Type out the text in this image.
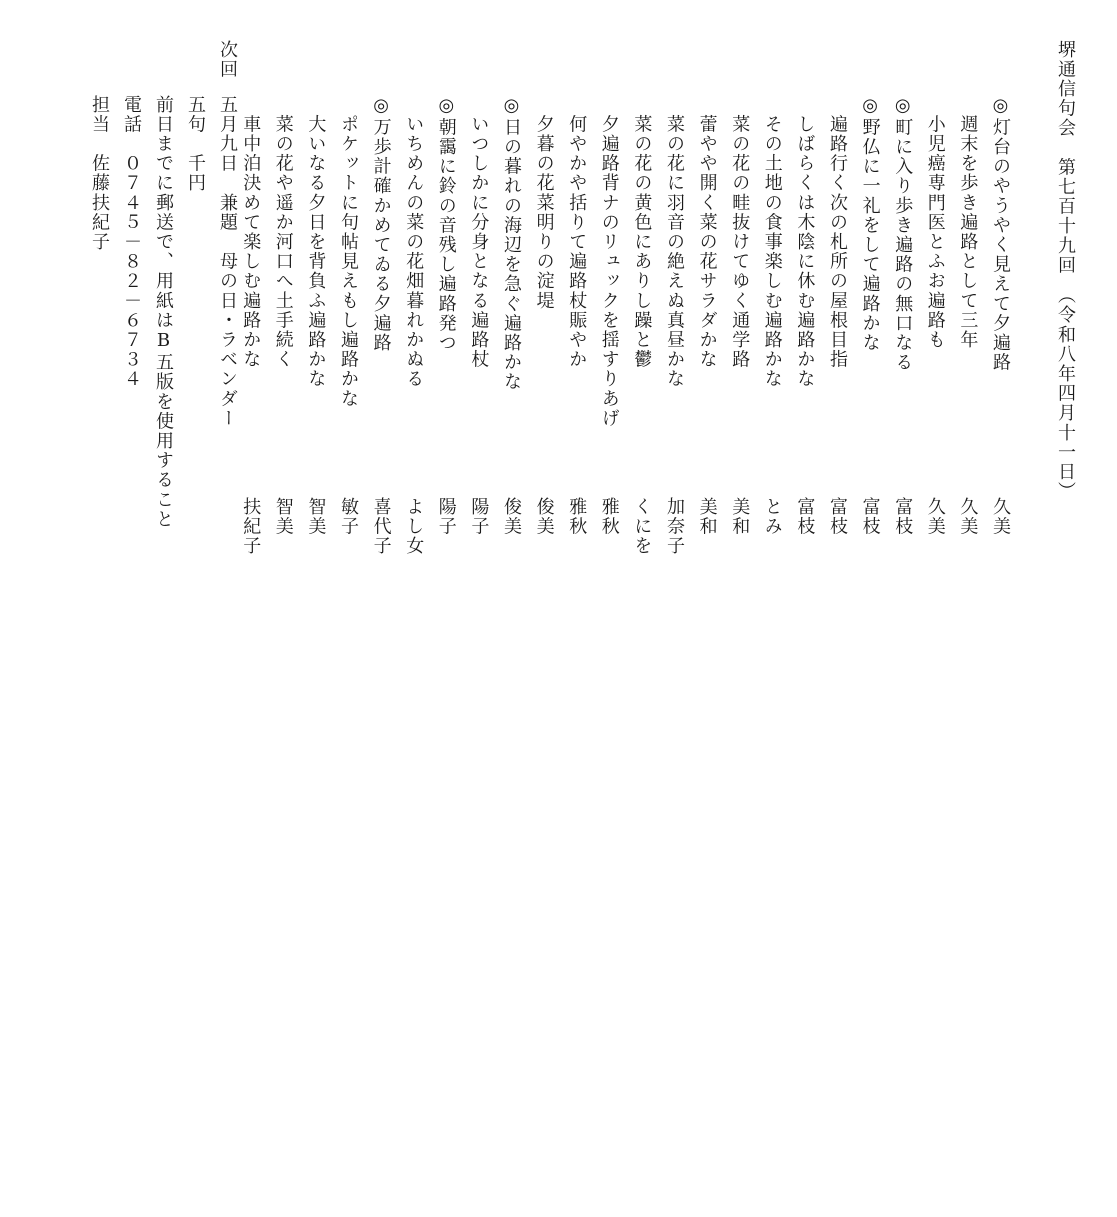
堺通信句会　第七百十九回　（令和八年四月十一日）
◎灯台のやうやく見えて夕遍路
久美
　週末を歩き遍路として三年
久美
　小児癌専門医とふお遍路も
久美
◎町に入り歩き遍路の無口なる
富枝
◎野仏に一礼をして遍路かな
富枝
　遍路行く次の札所の屋根目指
富枝
　しばらくは木陰に休む遍路かな
富枝
　その土地の食事楽しむ遍路かな
とみ
　菜の花の畦抜けてゆく通学路
美和
　蕾やや開く菜の花サラダかな
美和
　菜の花に羽音の絶えぬ真昼かな
加奈子
　菜の花の黄色にありし躁と鬱
くにを
　夕遍路背ナのリュックを揺すりあげ
雅秋
　何やかや括りて遍路杖賑やか
雅秋
　夕暮の花菜明りの淀堤
俊美
◎日の暮れの海辺を急ぐ遍路かな
俊美
　いつしかに分身となる遍路杖
陽子
◎朝靄に鈴の音残し遍路発つ
陽子
　いちめんの菜の花畑暮れかぬる
よし女
◎万歩計確かめてゐる夕遍路
喜代子
　ポケットに句帖見えもし遍路かな
敏子
　大いなる夕日を背負ふ遍路かな
智美
　菜の花や遥か河口へ土手続く
智美
　車中泊決めて楽しむ遍路かな
扶紀子
次回
五月九日　兼題　母の日・ラベンダー
五句　千円
前日までに郵送で、用紙はB五版を使用すること
電話　０７４５－８２－６７３４
担当　佐藤扶紀子
